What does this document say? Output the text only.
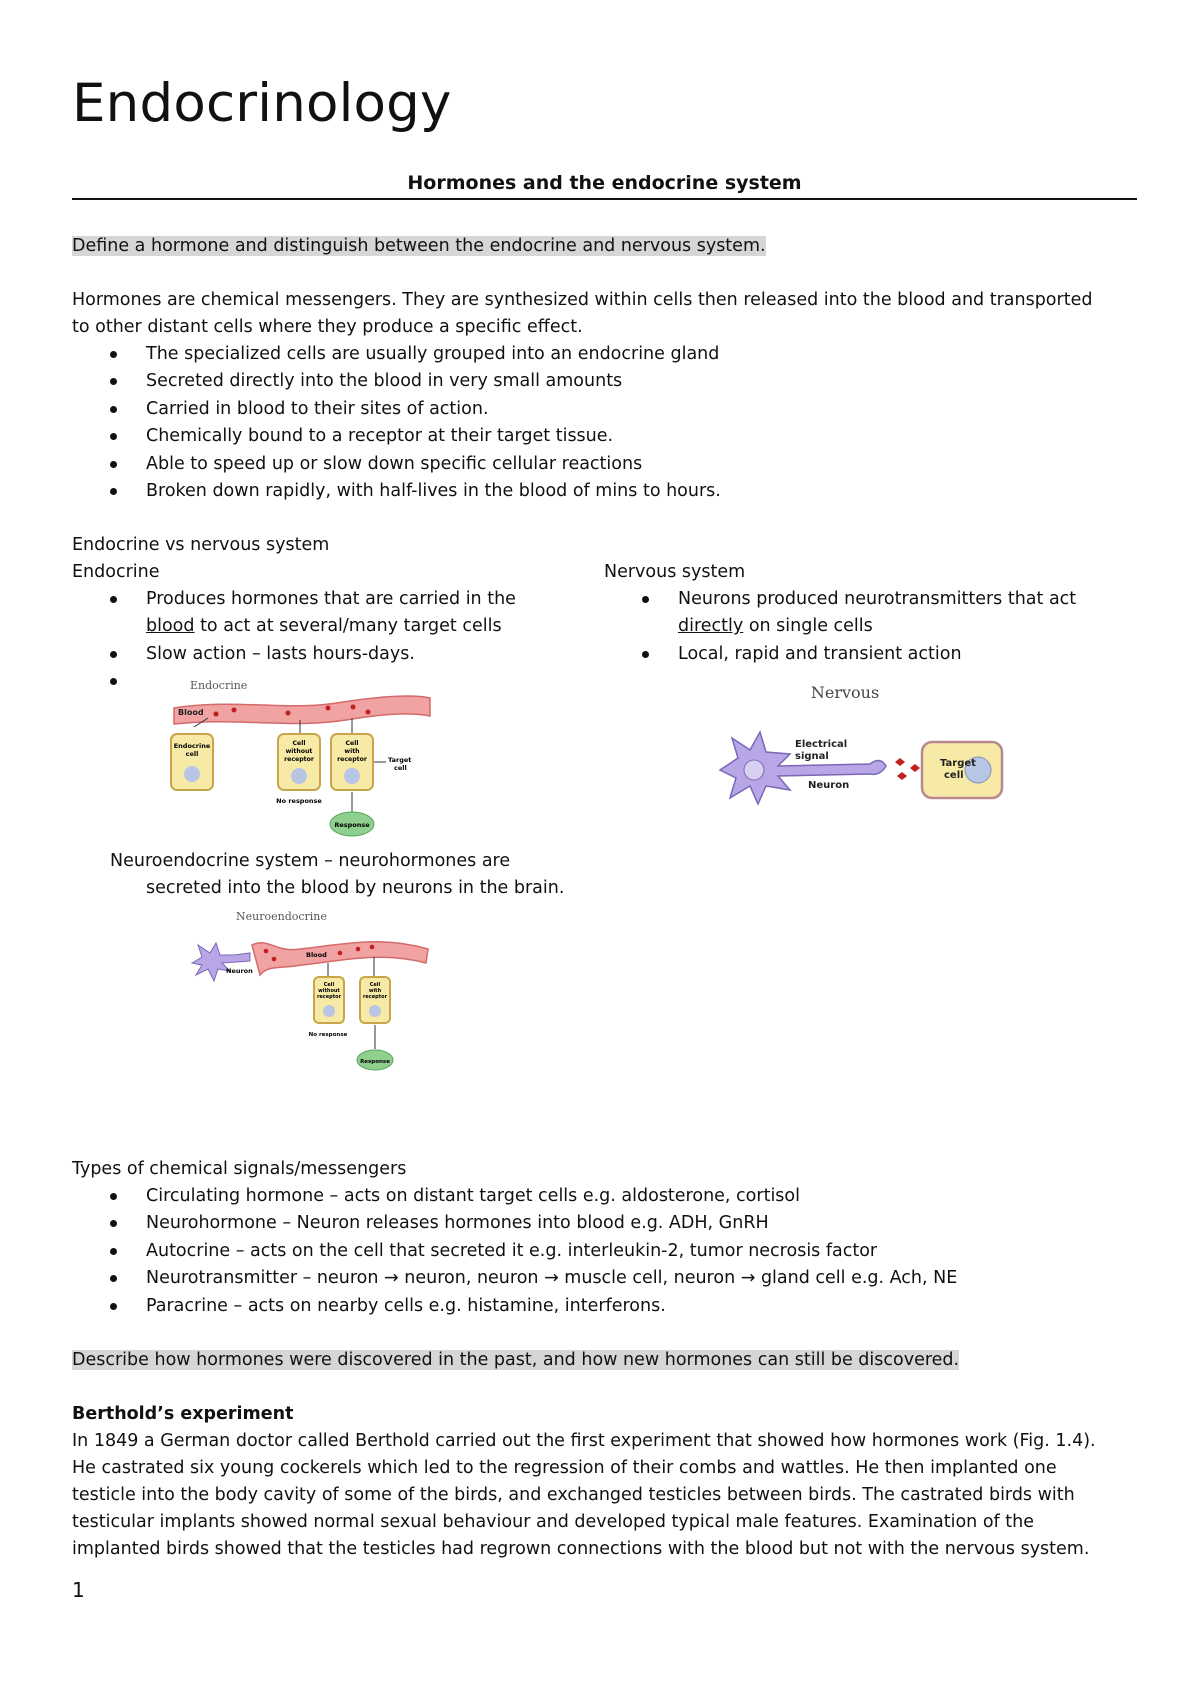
Endocrinology
Hormones and the endocrine system
Define a hormone and distinguish between the endocrine and nervous system.
Hormones are chemical messengers. They are synthesized within cells then released into the blood and transported
to other distant cells where they produce a specific effect.
The specialized cells are usually grouped into an endocrine gland
Secreted directly into the blood in very small amounts
Carried in blood to their sites of action.
Chemically bound to a receptor at their target tissue.
Able to speed up or slow down specific cellular reactions
Broken down rapidly, with half-lives in the blood of mins to hours.
Endocrine vs nervous system
Endocrine	Nervous system
Produces hormones that are carried in the
blood to act at several/many target cells
Slow action – lasts hours-days.

Neurons produced neurotransmitters that act
directly on single cells
Local, rapid and transient action
Endocrine
Blood
Endocrine
cell
Cell
without
receptor
Cell
with
receptor	Target
cell
No response
Response
Nervous
Electrical
signal
Neuron
Target
cell
Neuroendocrine system – neurohormones are
secreted into the blood by neurons in the brain.
Neuroendocrine
Neuron
Blood
Cell
without
receptor
Cell
with
receptor
No response
Response
Types of chemical signals/messengers
Circulating hormone – acts on distant target cells e.g. aldosterone, cortisol
Neurohormone – Neuron releases hormones into blood e.g. ADH, GnRH
Autocrine – acts on the cell that secreted it e.g. interleukin-2, tumor necrosis factor
Neurotransmitter – neuron → neuron, neuron → muscle cell, neuron → gland cell e.g. Ach, NE
Paracrine – acts on nearby cells e.g. histamine, interferons.
Describe how hormones were discovered in the past, and how new hormones can still be discovered.
Berthold’s experiment
In 1849 a German doctor called Berthold carried out the first experiment that showed how hormones work (Fig. 1.4).
He castrated six young cockerels which led to the regression of their combs and wattles. He then implanted one
testicle into the body cavity of some of the birds, and exchanged testicles between birds. The castrated birds with
testicular implants showed normal sexual behaviour and developed typical male features. Examination of the
implanted birds showed that the testicles had regrown connections with the blood but not with the nervous system.
1
